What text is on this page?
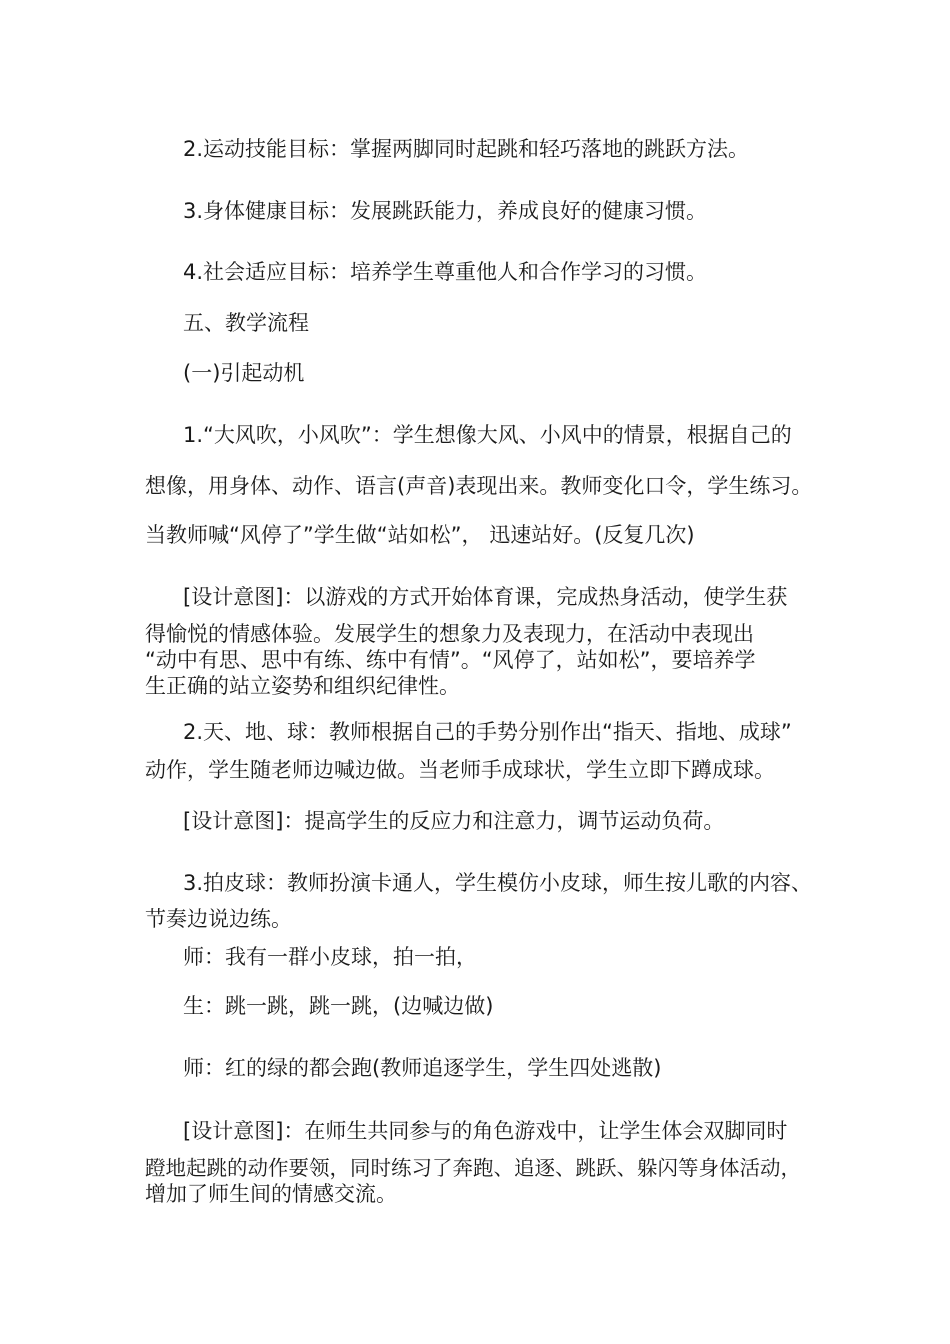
2.运动技能目标：掌握两脚同时起跳和轻巧落地的跳跃方法。
3.身体健康目标：发展跳跃能力，养成良好的健康习惯。
4.社会适应目标：培养学生尊重他人和合作学习的习惯。
五、教学流程
(一)引起动机
1.“大风吹，小风吹”：学生想像大风、小风中的情景，根据自己的
想像，用身体、动作、语言(声音)表现出来。教师变化口令，学生练习。
当教师喊“风停了”学生做“站如松”， 迅速站好。(反复几次)
[设计意图]：以游戏的方式开始体育课，完成热身活动，使学生获
得愉悦的情感体验。发展学生的想象力及表现力，在活动中表现出
“动中有思、思中有练、练中有情”。“风停了，站如松”，要培养学
生正确的站立姿势和组织纪律性。
2.天、地、球：教师根据自己的手势分别作出“指天、指地、成球”
动作，学生随老师边喊边做。当老师手成球状，学生立即下蹲成球。
[设计意图]：提高学生的反应力和注意力，调节运动负荷。
3.拍皮球：教师扮演卡通人，学生模仿小皮球，师生按儿歌的内容、
节奏边说边练。
师：我有一群小皮球，拍一拍，
生：跳一跳，跳一跳，(边喊边做)
师：红的绿的都会跑(教师追逐学生，学生四处逃散)
[设计意图]：在师生共同参与的角色游戏中，让学生体会双脚同时
蹬地起跳的动作要领，同时练习了奔跑、追逐、跳跃、躲闪等身体活动，
增加了师生间的情感交流。
